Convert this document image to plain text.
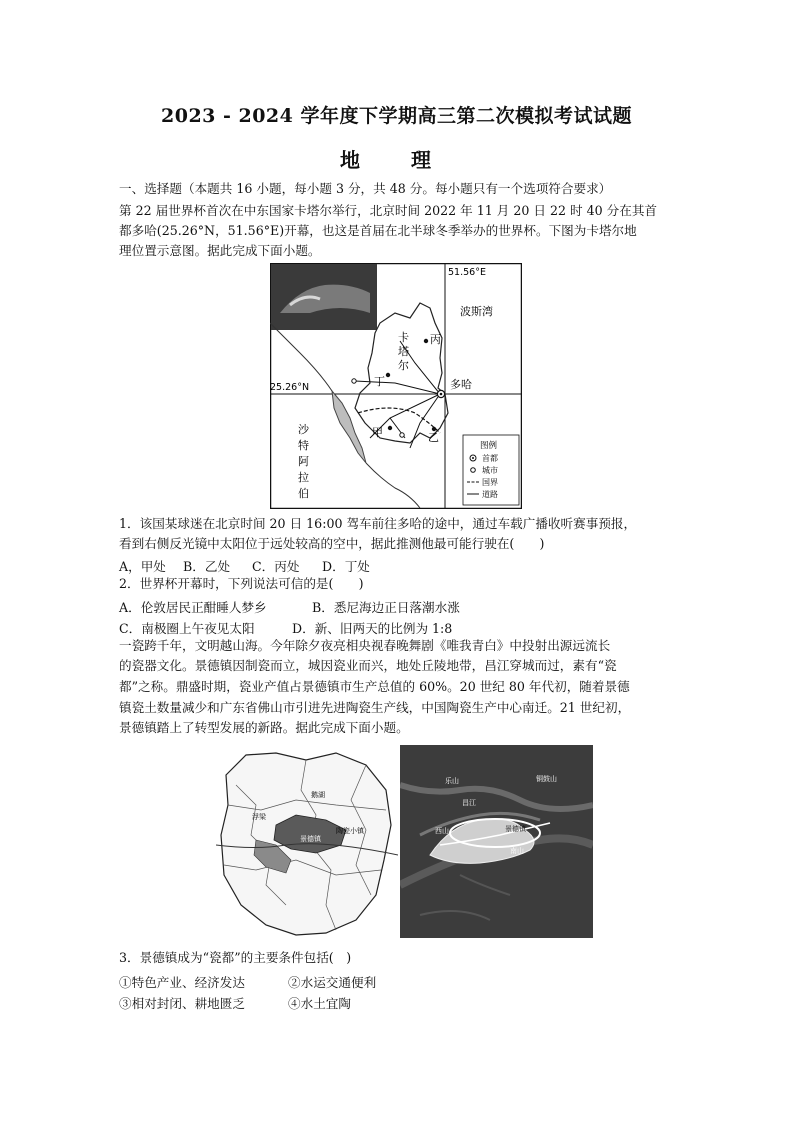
2023 - 2024 学年度下学期高三第二次模拟考试试题
地 理
一、选择题（本题共 16 小题，每小题 3 分，共 48 分。每小题只有一个选项符合要求）
第 22 届世界杯首次在中东国家卡塔尔举行，北京时间 2022 年 11 月 20 日 22 时 40 分在其首
都多哈(25.26°N，51.56°E)开幕，也这是首届在北半球冬季举办的世界杯。下图为卡塔尔地
理位置示意图。据此完成下面小题。
51.56°E
25.26°N
波斯湾
卡
塔
尔
沙
特
阿
拉
伯
多哈
丙
丁
甲	乙
图例
首都
城市
国界
道路
1．该国某球迷在北京时间 20 日 16:00 驾车前往多哈的途中，通过车载广播收听赛事预报，
看到右侧反光镜中太阳位于远处较高的空中，据此推测他最可能行驶在(　　)
A，甲处 B．乙处 C．丙处 D．丁处
2．世界杯开幕时，下列说法可信的是(　　)
A．伦敦居民正酣睡人梦乡	B．悉尼海边正日落潮水涨
C．南极圈上午夜见太阳	D．新、旧两天的比例为 1:8
一瓷跨千年，文明越山海。今年除夕夜亮相央视春晚舞剧《唯我青白》中投射出源远流长
的瓷器文化。景德镇因制瓷而立，城因瓷业而兴，地处丘陵地带，昌江穿城而过，素有“瓷
都”之称。鼎盛时期，瓷业产值占景德镇市生产总值的 60%。20 世纪 80 年代初，随着景德
镇瓷土数量减少和广东省佛山市引进先进陶瓷生产线，中国陶瓷生产中心南迁。21 世纪初，
景德镇踏上了转型发展的新路。据此完成下面小题。
景德镇
浮梁
鹅湖
陶瓷小镇
乐山	铜鼓山
南山
西山	景德镇
昌江
3．景德镇成为“瓷都”的主要条件包括(　)
①特色产业、经济发达	②水运交通便利
③相对封闭、耕地匮乏	④水土宜陶
